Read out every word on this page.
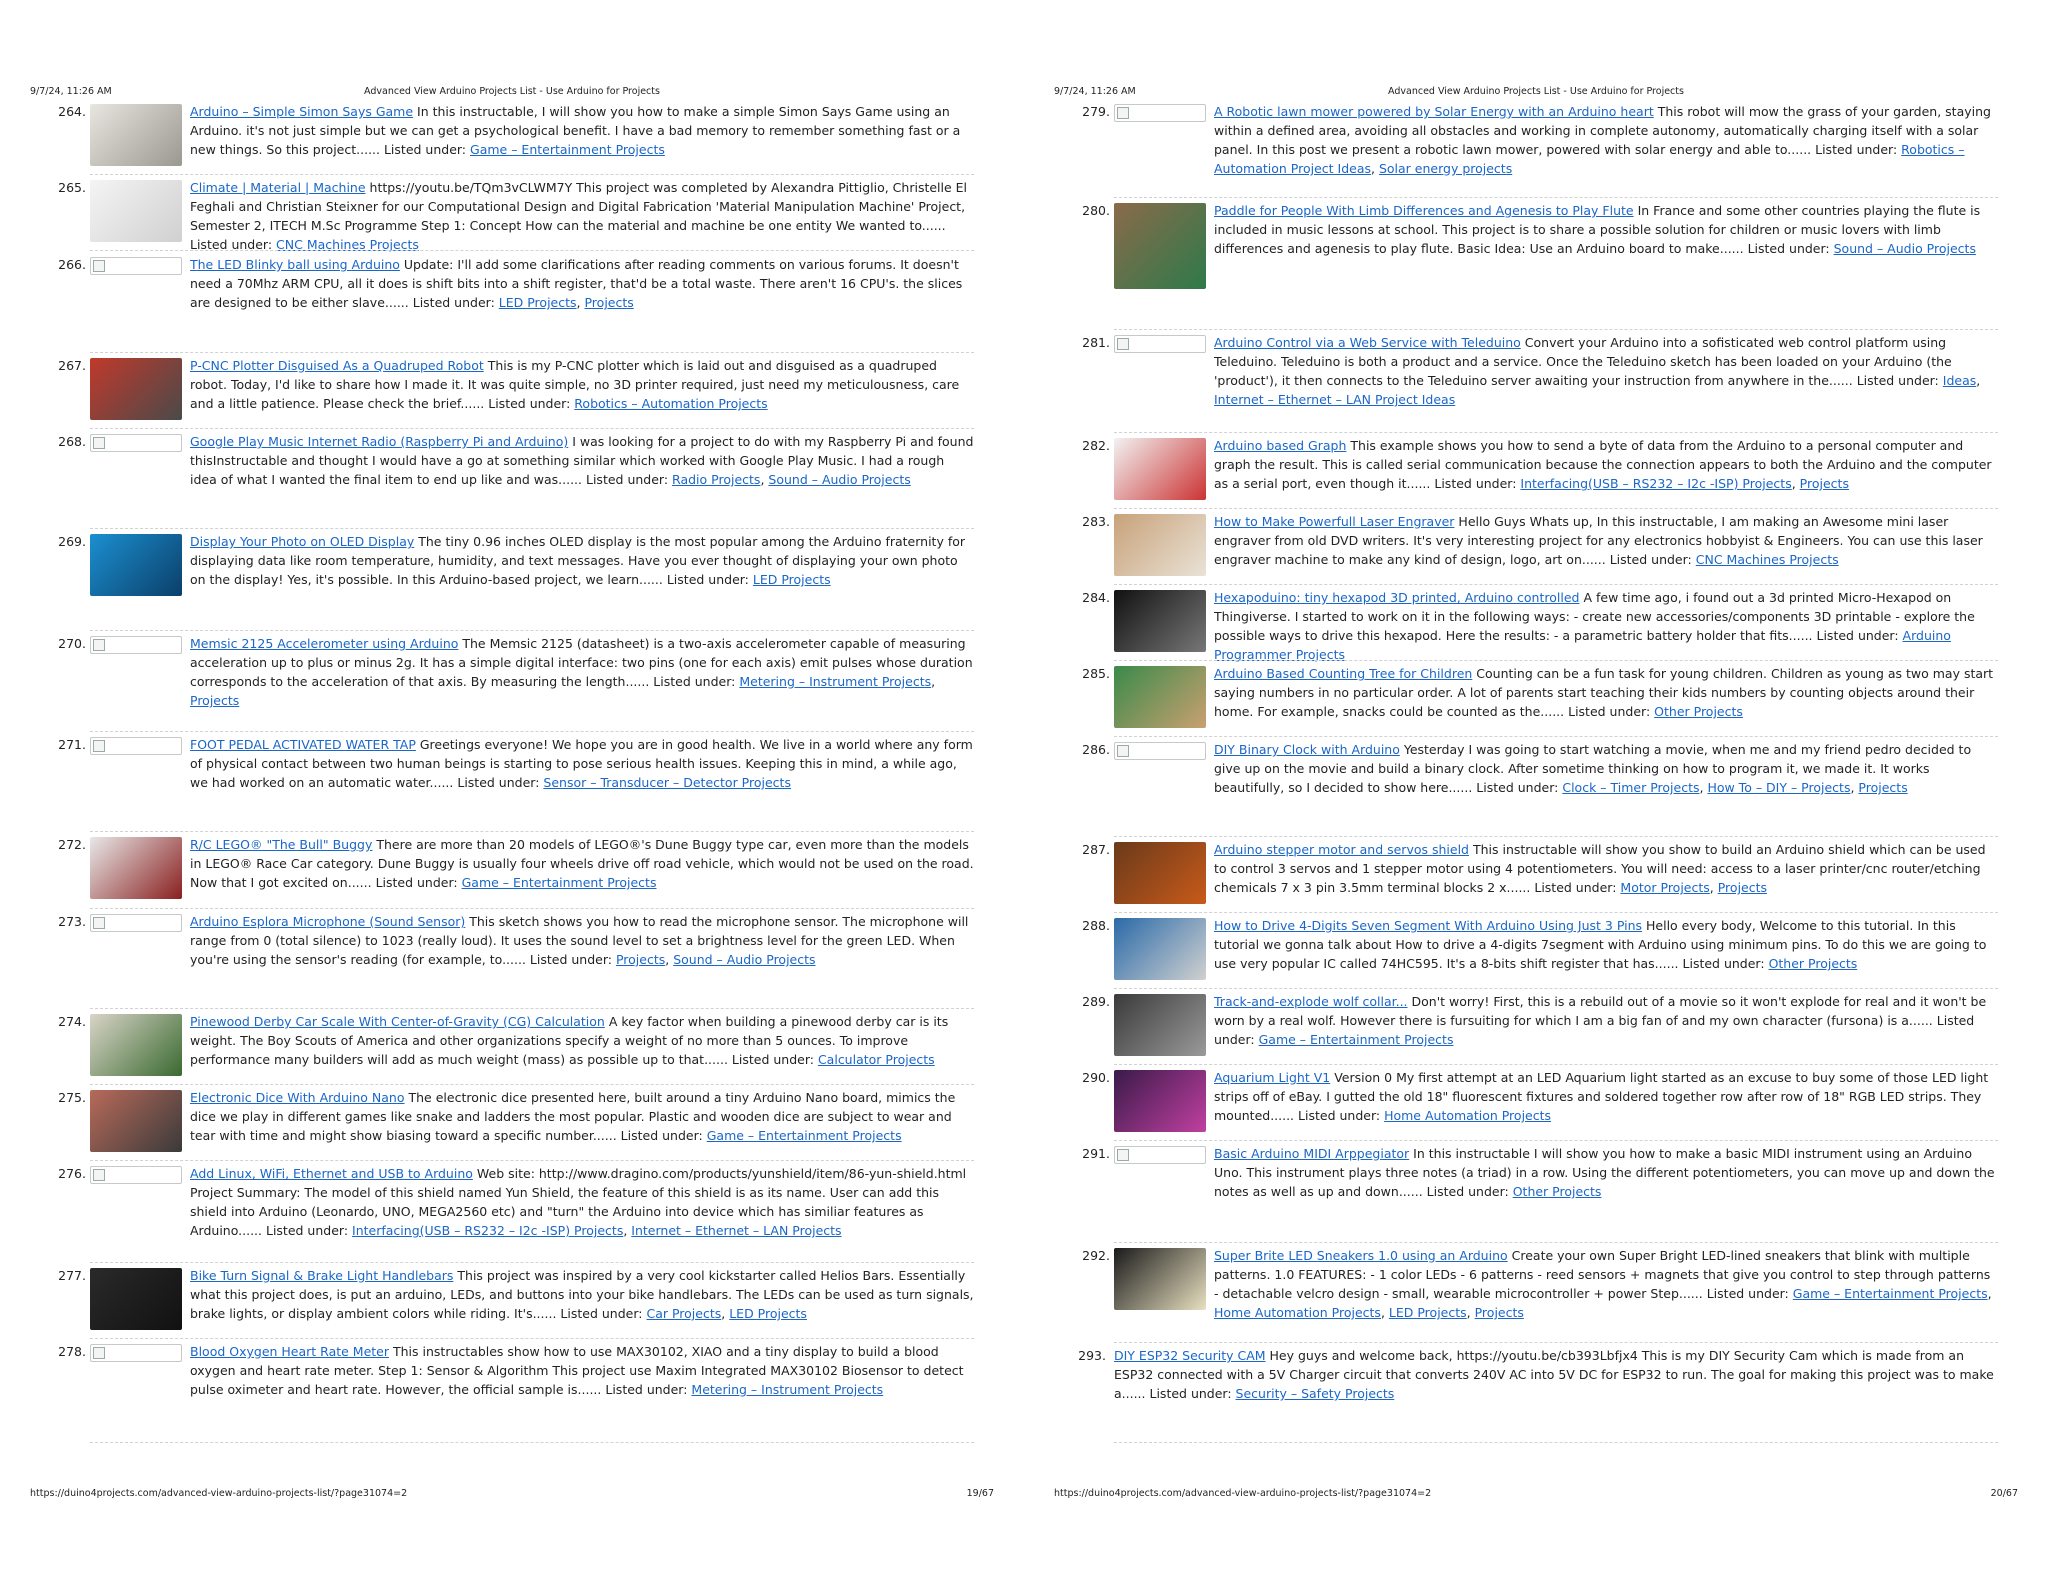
9/7/24, 11:26 AM	Advanced View Arduino Projects List - Use Arduino for Projects
264.	Arduino – Simple Simon Says Game In this instructable, I will show you how to make a simple Simon Says Game using an Arduino. it's not just simple but we can get a psychological benefit. I have a bad memory to remember something fast or a new things. So this project...... Listed under: Game – Entertainment Projects
265.	Climate | Material | Machine https://youtu.be/TQm3vCLWM7Y This project was completed by Alexandra Pittiglio, Christelle El Feghali and Christian Steixner for our Computational Design and Digital Fabrication 'Material Manipulation Machine' Project, Semester 2, ITECH M.Sc Programme Step 1: Concept How can the material and machine be one entity We wanted to...... Listed under: CNC Machines Projects
266.	The LED Blinky ball using Arduino Update: I'll add some clarifications after reading comments on various forums. It doesn't need a 70Mhz ARM CPU, all it does is shift bits into a shift register, that'd be a total waste. There aren't 16 CPU's. the slices are designed to be either slave...... Listed under: LED Projects, Projects
267.	P-CNC Plotter Disguised As a Quadruped Robot This is my P-CNC plotter which is laid out and disguised as a quadruped robot. Today, I'd like to share how I made it. It was quite simple, no 3D printer required, just need my meticulousness, care and a little patience. Please check the brief...... Listed under: Robotics – Automation Projects
268.	Google Play Music Internet Radio (Raspberry Pi and Arduino) I was looking for a project to do with my Raspberry Pi and found thisInstructable and thought I would have a go at something similar which worked with Google Play Music. I had a rough idea of what I wanted the final item to end up like and was...... Listed under: Radio Projects, Sound – Audio Projects
269.	Display Your Photo on OLED Display The tiny 0.96 inches OLED display is the most popular among the Arduino fraternity for displaying data like room temperature, humidity, and text messages. Have you ever thought of displaying your own photo on the display! Yes, it's possible. In this Arduino-based project, we learn...... Listed under: LED Projects
270.	Memsic 2125 Accelerometer using Arduino The Memsic 2125 (datasheet) is a two-axis accelerometer capable of measuring acceleration up to plus or minus 2g. It has a simple digital interface: two pins (one for each axis) emit pulses whose duration corresponds to the acceleration of that axis. By measuring the length...... Listed under: Metering – Instrument Projects, Projects
271.	FOOT PEDAL ACTIVATED WATER TAP Greetings everyone! We hope you are in good health. We live in a world where any form of physical contact between two human beings is starting to pose serious health issues. Keeping this in mind, a while ago, we had worked on an automatic water...... Listed under: Sensor – Transducer – Detector Projects
272.	R/C LEGO® "The Bull" Buggy There are more than 20 models of LEGO®'s Dune Buggy type car, even more than the models in LEGO® Race Car category. Dune Buggy is usually four wheels drive off road vehicle, which would not be used on the road. Now that I got excited on...... Listed under: Game – Entertainment Projects
273.	Arduino Esplora Microphone (Sound Sensor) This sketch shows you how to read the microphone sensor. The microphone will range from 0 (total silence) to 1023 (really loud). It uses the sound level to set a brightness level for the green LED. When you're using the sensor's reading (for example, to...... Listed under: Projects, Sound – Audio Projects
274.	Pinewood Derby Car Scale With Center-of-Gravity (CG) Calculation A key factor when building a pinewood derby car is its weight. The Boy Scouts of America and other organizations specify a weight of no more than 5 ounces. To improve performance many builders will add as much weight (mass) as possible up to that...... Listed under: Calculator Projects
275.	Electronic Dice With Arduino Nano The electronic dice presented here, built around a tiny Arduino Nano board, mimics the dice we play in different games like snake and ladders the most popular. Plastic and wooden dice are subject to wear and tear with time and might show biasing toward a specific number...... Listed under: Game – Entertainment Projects
276.	Add Linux, WiFi, Ethernet and USB to Arduino Web site: http://www.dragino.com/products/yunshield/item/86-yun-shield.html Project Summary: The model of this shield named Yun Shield, the feature of this shield is as its name. User can add this shield into Arduino (Leonardo, UNO, MEGA2560 etc) and "turn" the Arduino into device which has similiar features as Arduino...... Listed under: Interfacing(USB – RS232 – I2c -ISP) Projects, Internet – Ethernet – LAN Projects
277.	Bike Turn Signal & Brake Light Handlebars This project was inspired by a very cool kickstarter called Helios Bars. Essentially what this project does, is put an arduino, LEDs, and buttons into your bike handlebars. The LEDs can be used as turn signals, brake lights, or display ambient colors while riding. It's...... Listed under: Car Projects, LED Projects
278.	Blood Oxygen Heart Rate Meter This instructables show how to use MAX30102, XIAO and a tiny display to build a blood oxygen and heart rate meter. Step 1: Sensor & Algorithm This project use Maxim Integrated MAX30102 Biosensor to detect pulse oximeter and heart rate. However, the official sample is...... Listed under: Metering – Instrument Projects
https://duino4projects.com/advanced-view-arduino-projects-list/?page31074=2	19/67
9/7/24, 11:26 AM	Advanced View Arduino Projects List - Use Arduino for Projects
279.	A Robotic lawn mower powered by Solar Energy with an Arduino heart This robot will mow the grass of your garden, staying within a defined area, avoiding all obstacles and working in complete autonomy, automatically charging itself with a solar panel. In this post we present a robotic lawn mower, powered with solar energy and able to...... Listed under: Robotics – Automation Project Ideas, Solar energy projects
280.	Paddle for People With Limb Differences and Agenesis to Play Flute In France and some other countries playing the flute is included in music lessons at school. This project is to share a possible solution for children or music lovers with limb differences and agenesis to play flute. Basic Idea: Use an Arduino board to make...... Listed under: Sound – Audio Projects
281.	Arduino Control via a Web Service with Teleduino Convert your Arduino into a sofisticated web control platform using Teleduino. Teleduino is both a product and a service. Once the Teleduino sketch has been loaded on your Arduino (the 'product'), it then connects to the Teleduino server awaiting your instruction from anywhere in the...... Listed under: Ideas, Internet – Ethernet – LAN Project Ideas
282.	Arduino based Graph This example shows you how to send a byte of data from the Arduino to a personal computer and graph the result. This is called serial communication because the connection appears to both the Arduino and the computer as a serial port, even though it...... Listed under: Interfacing(USB – RS232 – I2c -ISP) Projects, Projects
283.	How to Make Powerfull Laser Engraver Hello Guys Whats up, In this instructable, I am making an Awesome mini laser engraver from old DVD writers. It's very interesting project for any electronics hobbyist & Engineers. You can use this laser engraver machine to make any kind of design, logo, art on...... Listed under: CNC Machines Projects
284.	Hexapoduino: tiny hexapod 3D printed, Arduino controlled A few time ago, i found out a 3d printed Micro-Hexapod on Thingiverse. I started to work on it in the following ways: - create new accessories/components 3D printable - explore the possible ways to drive this hexapod. Here the results: - a parametric battery holder that fits...... Listed under: Arduino Programmer Projects
285.	Arduino Based Counting Tree for Children Counting can be a fun task for young children. Children as young as two may start saying numbers in no particular order. A lot of parents start teaching their kids numbers by counting objects around their home. For example, snacks could be counted as the...... Listed under: Other Projects
286.	DIY Binary Clock with Arduino Yesterday I was going to start watching a movie, when me and my friend pedro decided to give up on the movie and build a binary clock. After sometime thinking on how to program it, we made it. It works beautifully, so I decided to show here...... Listed under: Clock – Timer Projects, How To – DIY – Projects, Projects
287.	Arduino stepper motor and servos shield This instructable will show you show to build an Arduino shield which can be used to control 3 servos and 1 stepper motor using 4 potentiometers. You will need: access to a laser printer/cnc router/etching chemicals 7 x 3 pin 3.5mm terminal blocks 2 x...... Listed under: Motor Projects, Projects
288.	How to Drive 4-Digits Seven Segment With Arduino Using Just 3 Pins Hello every body, Welcome to this tutorial. In this tutorial we gonna talk about How to drive a 4-digits 7segment with Arduino using minimum pins. To do this we are going to use very popular IC called 74HC595. It's a 8-bits shift register that has...... Listed under: Other Projects
289.	Track-and-explode wolf collar... Don't worry! First, this is a rebuild out of a movie so it won't explode for real and it won't be worn by a real wolf. However there is fursuiting for which I am a big fan of and my own character (fursona) is a...... Listed under: Game – Entertainment Projects
290.	Aquarium Light V1 Version 0 My first attempt at an LED Aquarium light started as an excuse to buy some of those LED light strips off of eBay. I gutted the old 18" fluorescent fixtures and soldered together row after row of 18" RGB LED strips. They mounted...... Listed under: Home Automation Projects
291.	Basic Arduino MIDI Arppegiator In this instructable I will show you how to make a basic MIDI instrument using an Arduino Uno. This instrument plays three notes (a triad) in a row. Using the different potentiometers, you can move up and down the notes as well as up and down...... Listed under: Other Projects
292.	Super Brite LED Sneakers 1.0 using an Arduino Create your own Super Bright LED-lined sneakers that blink with multiple patterns. 1.0 FEATURES: - 1 color LEDs - 6 patterns - reed sensors + magnets that give you control to step through patterns - detachable velcro design - small, wearable microcontroller + power Step...... Listed under: Game – Entertainment Projects, Home Automation Projects, LED Projects, Projects
293. DIY ESP32 Security CAM Hey guys and welcome back, https://youtu.be/cb393Lbfjx4 This is my DIY Security Cam which is made from an ESP32 connected with a 5V Charger circuit that converts 240V AC into 5V DC for ESP32 to run. The goal for making this project was to make a...... Listed under: Security – Safety Projects
https://duino4projects.com/advanced-view-arduino-projects-list/?page31074=2	20/67
